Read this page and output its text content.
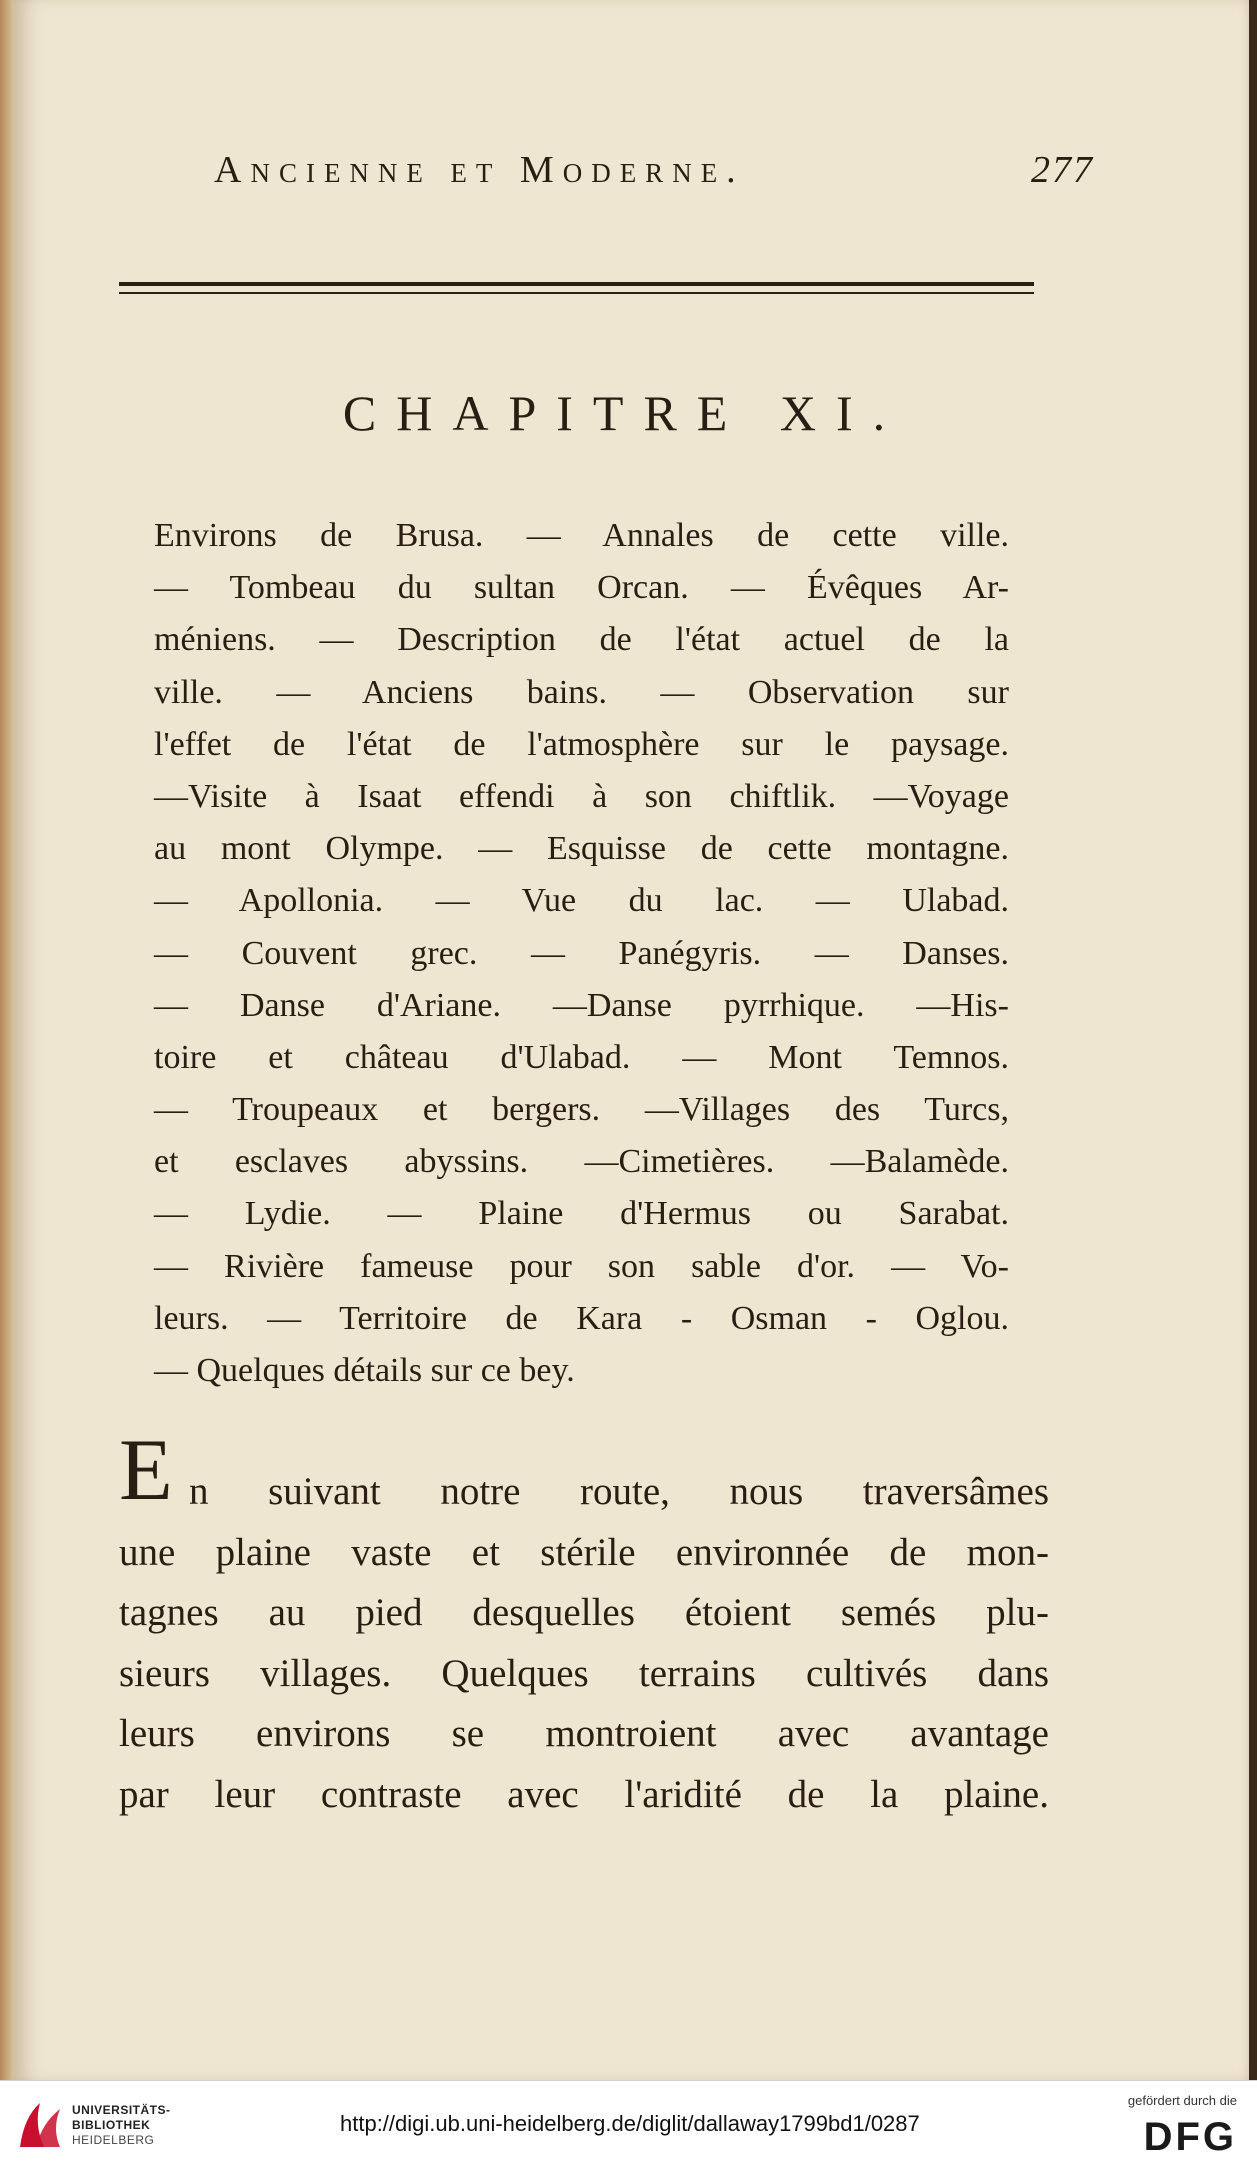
Ancienne et Moderne.	277
CHAPITRE XI.
Environs de Brusa. — Annales de cette ville.
— Tombeau du sultan Orcan. — Évêques Ar-
méniens. — Description de l'état actuel de la
ville. — Anciens bains. — Observation sur
l'effet de l'état de l'atmosphère sur le paysage.
—Visite à Isaat effendi à son chiftlik. —Voyage
au mont Olympe. — Esquisse de cette montagne.
— Apollonia. — Vue du lac. — Ulabad.
— Couvent grec. — Panégyris. — Danses.
— Danse d'Ariane. —Danse pyrrhique. —His-
toire et château d'Ulabad. — Mont Temnos.
— Troupeaux et bergers. —Villages des Turcs,
et esclaves abyssins. —Cimetières. —Balamède.
— Lydie. — Plaine d'Hermus ou Sarabat.
— Rivière fameuse pour son sable d'or. — Vo-
leurs. — Territoire de Kara - Osman - Oglou.
— Quelques détails sur ce bey.
E n suivant notre route, nous traversâmes
une plaine vaste et stérile environnée de mon-
tagnes au pied desquelles étoient semés plu-
sieurs villages. Quelques terrains cultivés dans
leurs environs se montroient avec avantage
par leur contraste avec l'aridité de la plaine.
UNIVERSITÄTS-
BIBLIOTHEK
HEIDELBERG
http://digi.ub.uni-heidelberg.de/diglit/dallaway1799bd1/0287
gefördert durch die
DFG
